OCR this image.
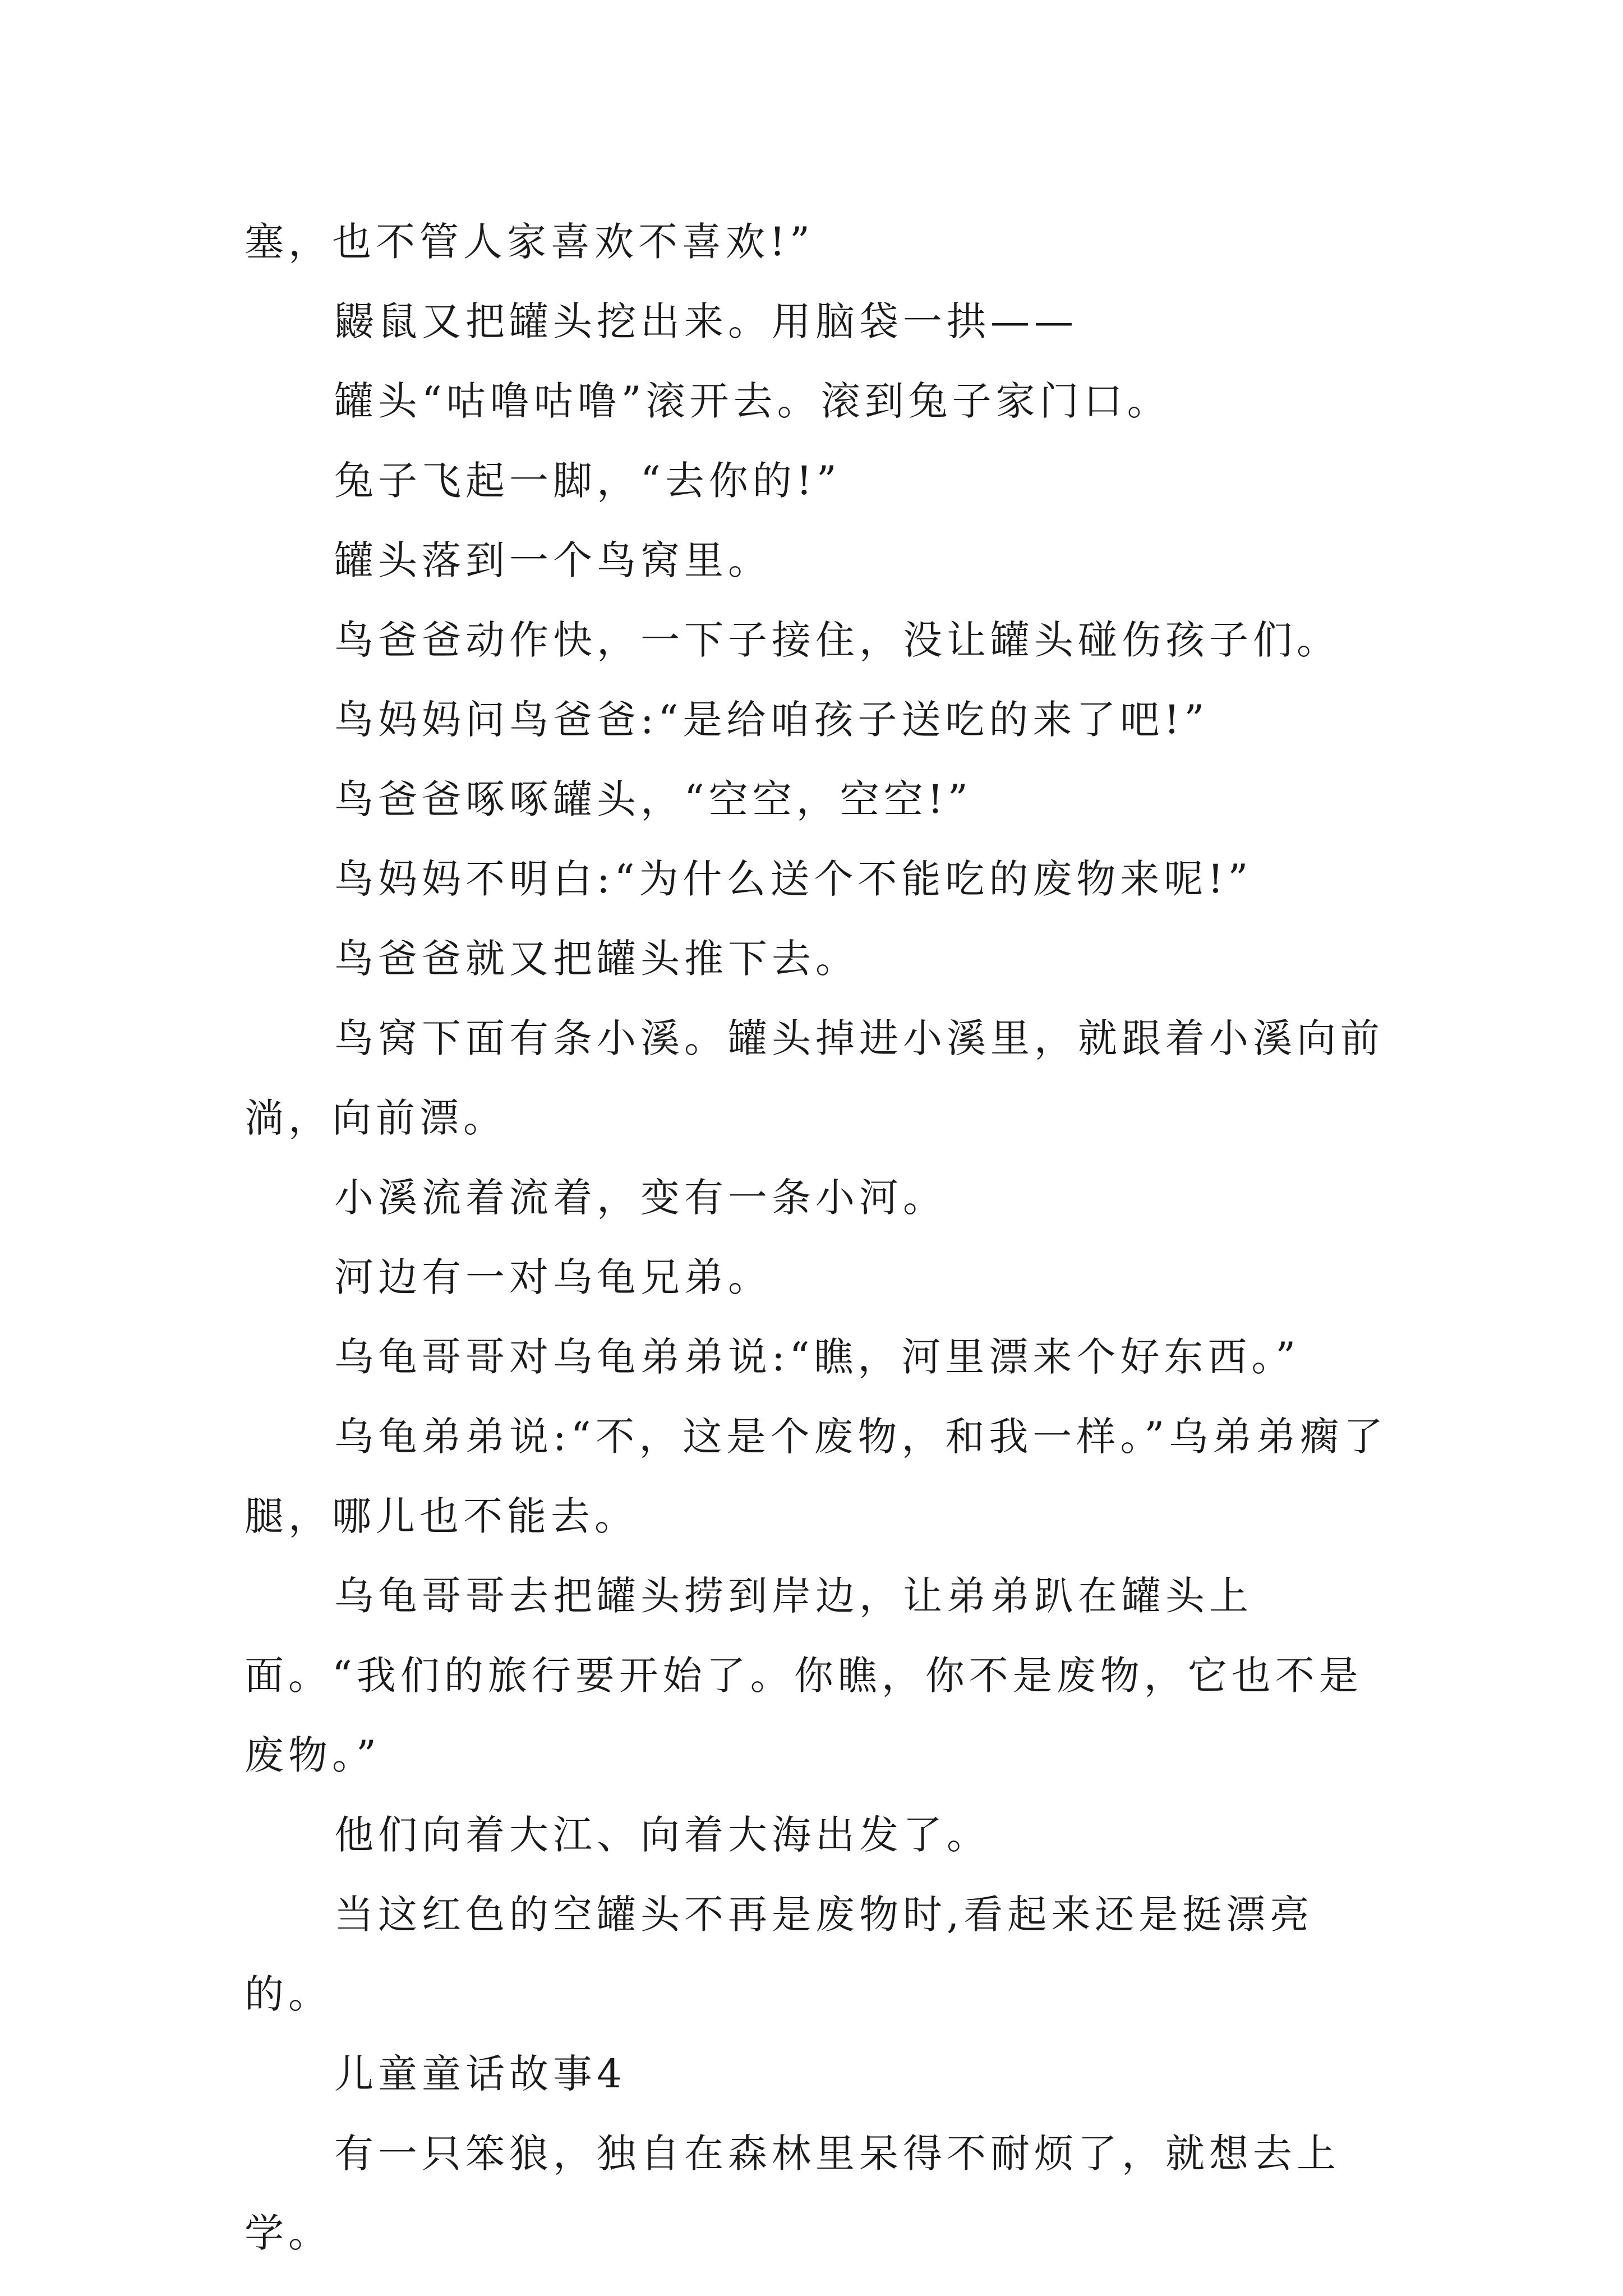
塞，也不管人家喜欢不喜欢!”

鼹鼠又把罐头挖出来。用脑袋一拱——

罐头“咕噜咕噜”滚开去。滚到兔子家门口。

兔子飞起一脚，“去你的!”

罐头落到一个鸟窝里。

鸟爸爸动作快，一下子接住，没让罐头碰伤孩子们。

鸟妈妈问鸟爸爸:“是给咱孩子送吃的来了吧!”

鸟爸爸啄啄罐头，“空空，空空!”

鸟妈妈不明白:“为什么送个不能吃的废物来呢!”

鸟爸爸就又把罐头推下去。

鸟窝下面有条小溪。罐头掉进小溪里，就跟着小溪向前淌，向前漂。

小溪流着流着，变有一条小河。

河边有一对乌龟兄弟。

乌龟哥哥对乌龟弟弟说:“瞧，河里漂来个好东西。”

乌龟弟弟说:“不，这是个废物，和我一样。”乌弟弟瘸了腿，哪儿也不能去。

乌龟哥哥去把罐头捞到岸边，让弟弟趴在罐头上面。“我们的旅行要开始了。你瞧，你不是废物，它也不是废物。”

他们向着大江、向着大海出发了。

当这红色的空罐头不再是废物时,看起来还是挺漂亮的。

儿童童话故事4

有一只笨狼，独自在森林里呆得不耐烦了，就想去上学。
